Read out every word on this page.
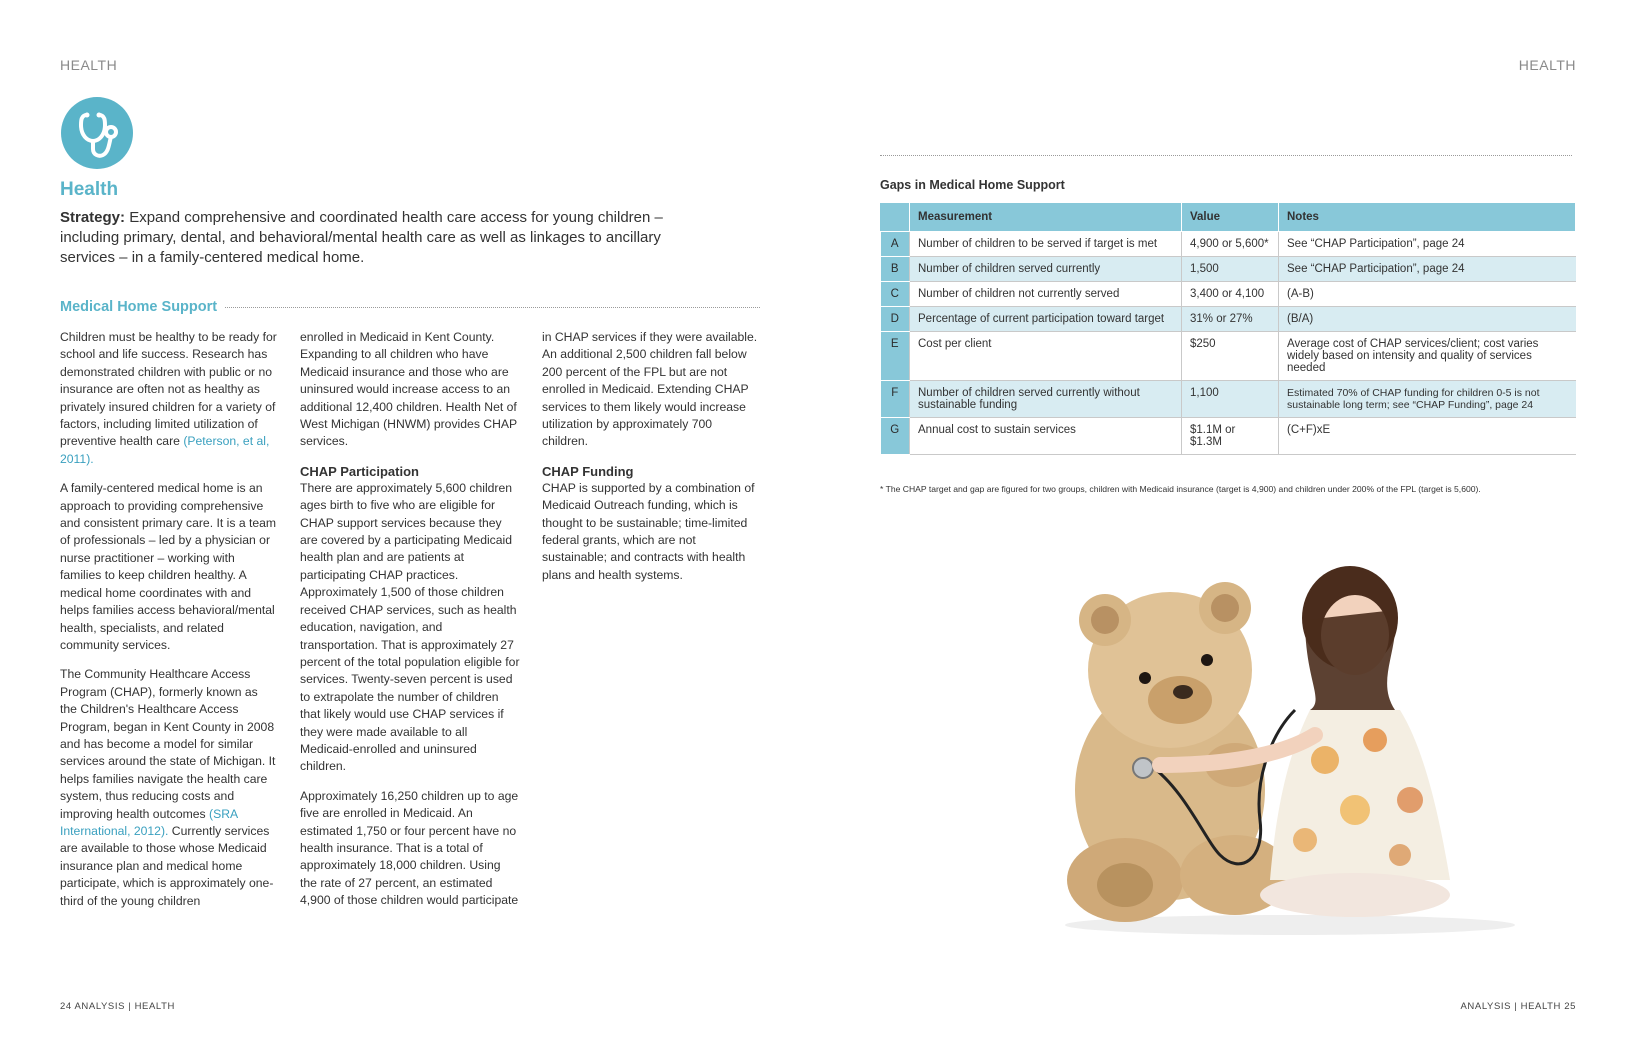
HEALTH	HEALTH
Health
Strategy: Expand comprehensive and coordinated health care access for young children – including primary, dental, and behavioral/mental health care as well as linkages to ancillary services – in a family-centered medical home.
Medical Home Support

Children must be healthy to be ready for school and life success. Research has demonstrated children with public or no insurance are often not as healthy as privately insured children for a variety of factors, including limited utilization of preventive health care (Peterson, et al, 2011).

A family-centered medical home is an approach to providing comprehensive and consistent primary care. It is a team of professionals – led by a physician or nurse practitioner – working with families to keep children healthy. A medical home coordinates with and helps families access behavioral/mental health, specialists, and related community services.

The Community Healthcare Access Program (CHAP), formerly known as the Children's Healthcare Access Program, began in Kent County in 2008 and has become a model for similar services around the state of Michigan. It helps families navigate the health care system, thus reducing costs and improving health outcomes (SRA International, 2012). Currently services are available to those whose Medicaid insurance plan and medical home participate, which is approximately one-third of the young children

enrolled in Medicaid in Kent County. Expanding to all children who have Medicaid insurance and those who are uninsured would increase access to an additional 12,400 children. Health Net of West Michigan (HNWM) provides CHAP services.

CHAP Participation

There are approximately 5,600 children ages birth to five who are eligible for CHAP support services because they are covered by a participating Medicaid health plan and are patients at participating CHAP practices. Approximately 1,500 of those children received CHAP services, such as health education, navigation, and transportation. That is approximately 27 percent of the total population eligible for services. Twenty-seven percent is used to extrapolate the number of children that likely would use CHAP services if they were made available to all Medicaid-enrolled and uninsured children.

Approximately 16,250 children up to age five are enrolled in Medicaid. An estimated 1,750 or four percent have no health insurance. That is a total of approximately 18,000 children. Using the rate of 27 percent, an estimated 4,900 of those children would participate

in CHAP services if they were available. An additional 2,500 children fall below 200 percent of the FPL but are not enrolled in Medicaid. Extending CHAP services to them likely would increase utilization by approximately 700 children.

CHAP Funding

CHAP is supported by a combination of Medicaid Outreach funding, which is thought to be sustainable; time-limited federal grants, which are not sustainable; and contracts with health plans and health systems.

Gaps in Medical Home Support
	Measurement	Value	Notes
A	Number of children to be served if target is met	4,900 or 5,600*	See “CHAP Participation”, page 24
B	Number of children served currently	1,500	See “CHAP Participation”, page 24
C	Number of children not currently served	3,400 or 4,100	(A-B)
D	Percentage of current participation toward target	31% or 27%	(B/A)
E	Cost per client	$250	Average cost of CHAP services/client; cost varies widely based on intensity and quality of services needed
F	Number of children served currently without sustainable funding	1,100	Estimated 70% of CHAP funding for children 0-5 is not sustainable long term; see “CHAP Funding”, page 24
G	Annual cost to sustain services	$1.1M or $1.3M	(C+F)xE
* The CHAP target and gap are figured for two groups, children with Medicaid insurance (target is 4,900) and children under 200% of the FPL (target is 5,600).
24 ANALYSIS | HEALTH	ANALYSIS | HEALTH 25
